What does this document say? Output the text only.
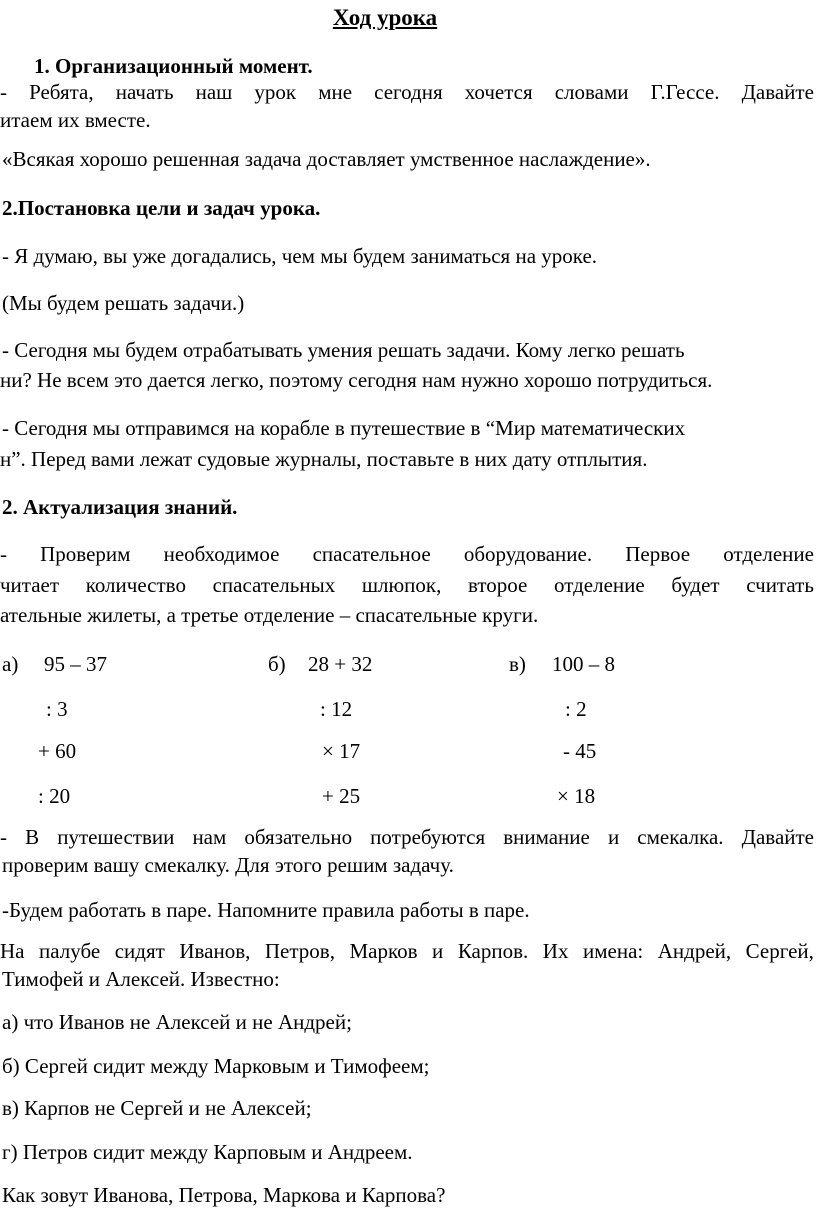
Ход урока
1. Организационный момент.
- Ребята, начать наш урок мне сегодня хочется словами Г.Гессе. Давайте
итаем их вместе.
«Всякая хорошо решенная задача доставляет умственное наслаждение».
2.Постановка цели и задач урока.
- Я думаю, вы уже догадались, чем мы будем заниматься на уроке.
(Мы будем решать задачи.)
- Сегодня мы будем отрабатывать умения решать задачи. Кому легко решать
ни? Не всем это дается легко, поэтому сегодня нам нужно хорошо потрудиться.
- Сегодня мы отправимся на корабле в путешествие в “Мир математических
н”. Перед вами лежат судовые журналы, поставьте в них дату отплытия.
2. Актуализация знаний.
- Проверим необходимое спасательное оборудование. Первое отделение
читает количество спасательных шлюпок, второе отделение будет считать
ательные жилеты, а третье отделение – спасательные круги.
а) 95 – 37
: 3
+ 60
: 20
б) 28 + 32
: 12
× 17
+ 25
в) 100 – 8
: 2
- 45
× 18
- В путешествии нам обязательно потребуются внимание и смекалка. Давайте
проверим вашу смекалку. Для этого решим задачу.
-Будем работать в паре. Напомните правила работы в паре.
На палубе сидят Иванов, Петров, Марков и Карпов. Их имена: Андрей, Сергей,
Тимофей и Алексей. Известно:
а) что Иванов не Алексей и не Андрей;
б) Сергей сидит между Марковым и Тимофеем;
в) Карпов не Сергей и не Алексей;
г) Петров сидит между Карповым и Андреем.
Как зовут Иванова, Петрова, Маркова и Карпова?
